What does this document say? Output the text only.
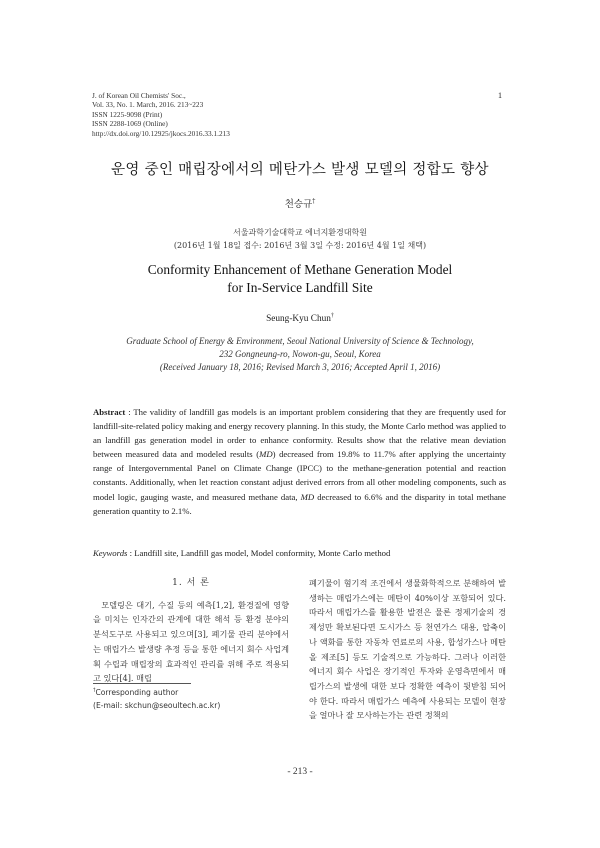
J. of Korean Oil Chemists' Soc.,
Vol. 33, No. 1. March, 2016. 213~223
ISSN 1225-9098 (Print)
ISSN 2288-1069 (Online)
http://dx.doi.org/10.12925/jkocs.2016.33.1.213
1
운영 중인 매립장에서의 메탄가스 발생 모델의 정합도 향상
천승규†
서울과학기술대학교 에너지환경대학원
(2016년 1월 18일 접수: 2016년 3월 3일 수정: 2016년 4월 1일 채택)
Conformity Enhancement of Methane Generation Model
for In-Service Landfill Site
Seung-Kyu Chun†
Graduate School of Energy & Environment, Seoul National University of Science & Technology,
232 Gongneung-ro, Nowon-gu, Seoul, Korea
(Received January 18, 2016; Revised March 3, 2016; Accepted April 1, 2016)
Abstract : The validity of landfill gas models is an important problem considering that they are frequently used for landfill-site-related policy making and energy recovery planning. In this study, the Monte Carlo method was applied to an landfill gas generation model in order to enhance conformity. Results show that the relative mean deviation between measured data and modeled results (MD) decreased from 19.8% to 11.7% after applying the uncertainty range of Intergovernmental Panel on Climate Change (IPCC) to the methane-generation potential and reaction constants. Additionally, when let reaction constant adjust derived errors from all other modeling components, such as model logic, gauging waste, and measured methane data, MD decreased to 6.6% and the disparity in total methane generation quantity to 2.1%.
Keywords : Landfill site, Landfill gas model, Model conformity, Monte Carlo method
1. 서 론
모델링은 대기, 수질 등의 예측[1,2], 환경질에 영향을 미치는 인자간의 관계에 대한 해석 등 환경 분야의 분석도구로 사용되고 있으며[3], 폐기물 관리 분야에서는 매립가스 발생량 추정 등을 통한 에너지 회수 사업계획 수립과 매립장의 효과적인 관리를 위해 주로 적용되고 있다[4]. 매립
폐기물이 혐기적 조건에서 생물화학적으로 분해하여 발생하는 매립가스에는 메탄이 40%이상 포함되어 있다. 따라서 매립가스를 활용한 발전은 물론 정제기술의 경제성만 확보된다면 도시가스 등 천연가스 대용, 압축이나 액화를 통한 자동차 연료로의 사용, 합성가스나 메탄올 제조[5] 등도 기술적으로 가능하다. 그러나 이러한 에너지 회수 사업은 장기적인 투자와 운영측면에서 매립가스의 발생에 대한 보다 정확한 예측이 뒷받침 되어야 한다. 따라서 매립가스 예측에 사용되는 모델이 현장을 얼마나 잘 모사하는가는 관련 정책의
†Corresponding author
(E-mail: skchun@seoultech.ac.kr)
- 213 -
